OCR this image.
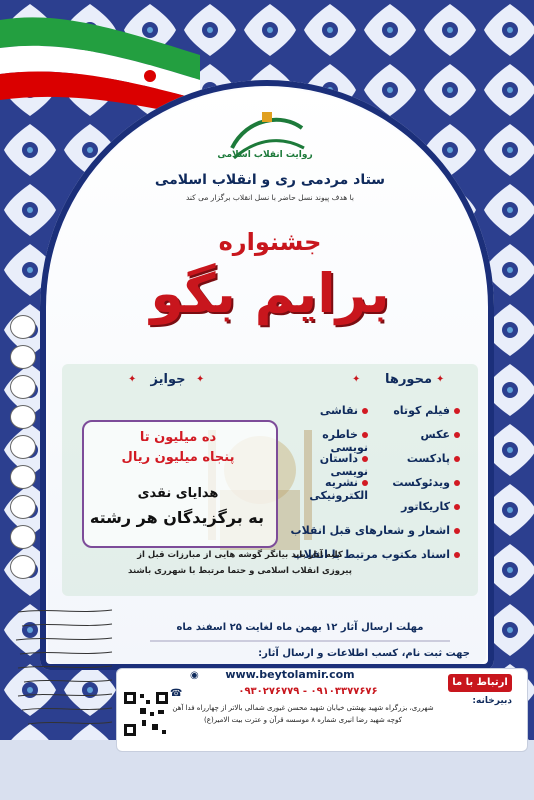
روایت انقلاب اسلامی
ستاد مردمی ری و انقلاب اسلامی
با هدف پیوند نسل حاضر با نسل انقلاب برگزار می کند
جشنواره
برایم بگو
محورها ✦
✦
جوایز	✦
✦
فیلم کوتاه
عکس
پادکست
ویدئوکست
کاریکاتور
اشعار و شعارهای قبل انقلاب
اسناد مکتوب مرتبط با انقلاب
نقاشی
خاطره نویسی
داستان نویسی
نشریه الکترونیکی
ده میلیون تا
پنجاه میلیون ریال
هدایای نقدی
به برگزیدگان هر رشته
کلیه آثار باید بیانگر گوشه هایی از مبارزات قبل از
پیروزی انقلاب اسلامی و حتما مرتبط با شهرری باشند
مهلت ارسال آثار ۱۲ بهمن ماه لغایت ۲۵ اسفند ماه
جهت ثبت نام، کسب اطلاعات و ارسال آثار:
ارتباط با ما
دبیرخانه:
www.beytolamir.com
۰۹۳۰۲۷۶۷۷۹ - ۰۹۱۰۳۳۷۷۶۷۶
شهرری، بزرگراه شهید بهشتی خیابان شهید محسن غیوری شمالی بالاتر از چهارراه فدا آهن
کوچه شهید رضا انیری شماره ۸ موسسه قرآن و عترت بیت الامیر(ع)
◉
☎
